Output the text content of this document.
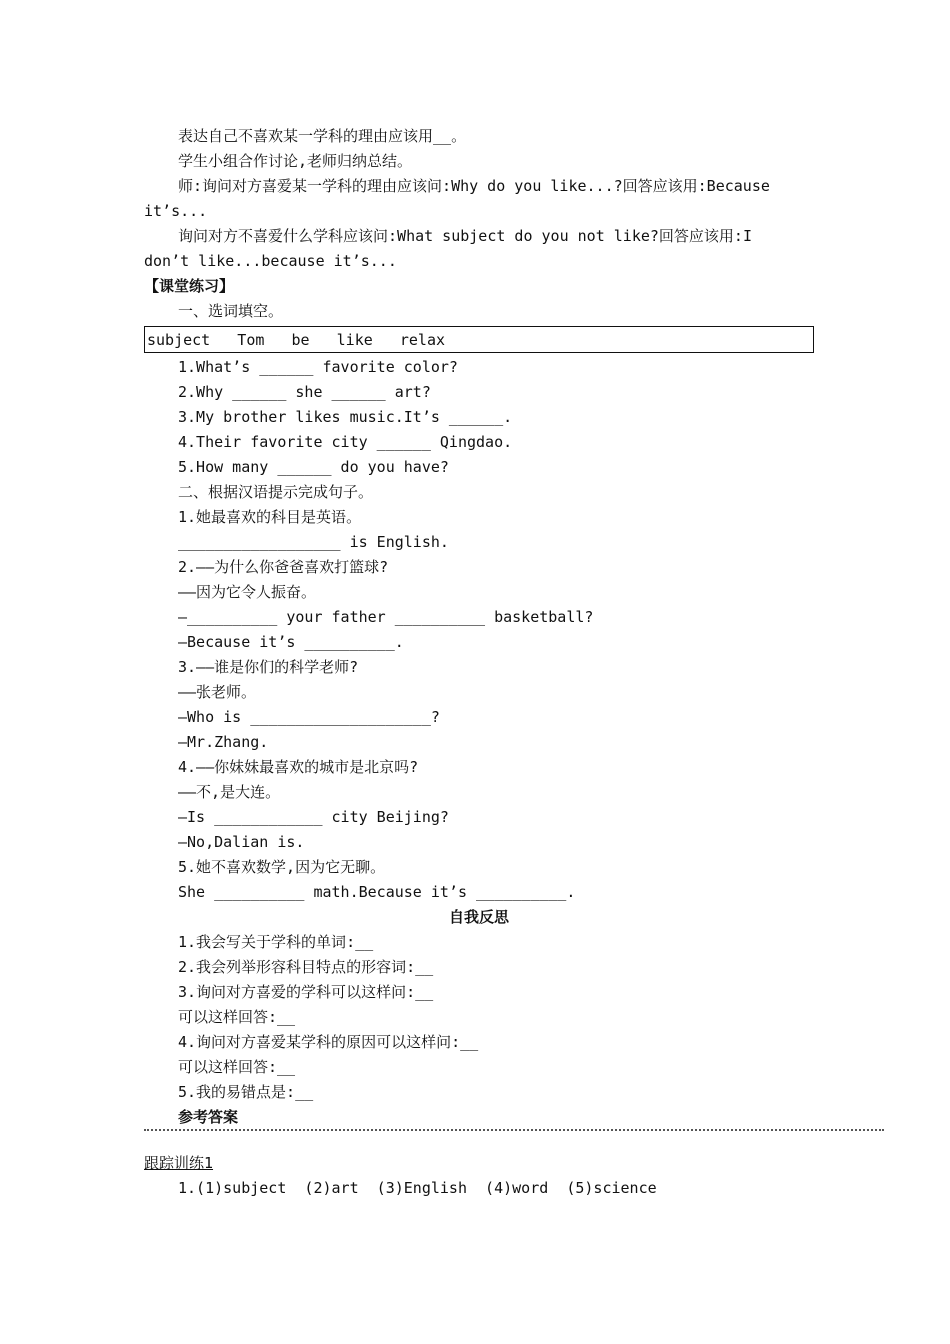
表达自己不喜欢某一学科的理由应该用__。
学生小组合作讨论,老师归纳总结。
师:询问对方喜爱某一学科的理由应该问:Why do you like...?回答应该用:Because
it’s...
询问对方不喜爱什么学科应该问:What subject do you not like?回答应该用:I
don’t like...because it’s...
【课堂练习】
一、选词填空。
subject   Tom   be   like   relax
1.What’s ______ favorite color?
2.Why ______ she ______ art?
3.My brother likes music.It’s ______.
4.Their favorite city ______ Qingdao.
5.How many ______ do you have?
二、根据汉语提示完成句子。
1.她最喜欢的科目是英语。
__________________ is English.
2.——为什么你爸爸喜欢打篮球?
——因为它令人振奋。
—__________ your father __________ basketball?
—Because it’s __________.
3.——谁是你们的科学老师?
——张老师。
—Who is ____________________?
—Mr.Zhang.
4.——你妹妹最喜欢的城市是北京吗?
——不,是大连。
—Is ____________ city Beijing?
—No,Dalian is.
5.她不喜欢数学,因为它无聊。
She __________ math.Because it’s __________.
自我反思
1.我会写关于学科的单词:__
2.我会列举形容科目特点的形容词:__
3.询问对方喜爱的学科可以这样问:__
可以这样回答:__
4.询问对方喜爱某学科的原因可以这样问:__
可以这样回答:__
5.我的易错点是:__
参考答案
跟踪训练1
1.(1)subject  (2)art  (3)English  (4)word  (5)science
